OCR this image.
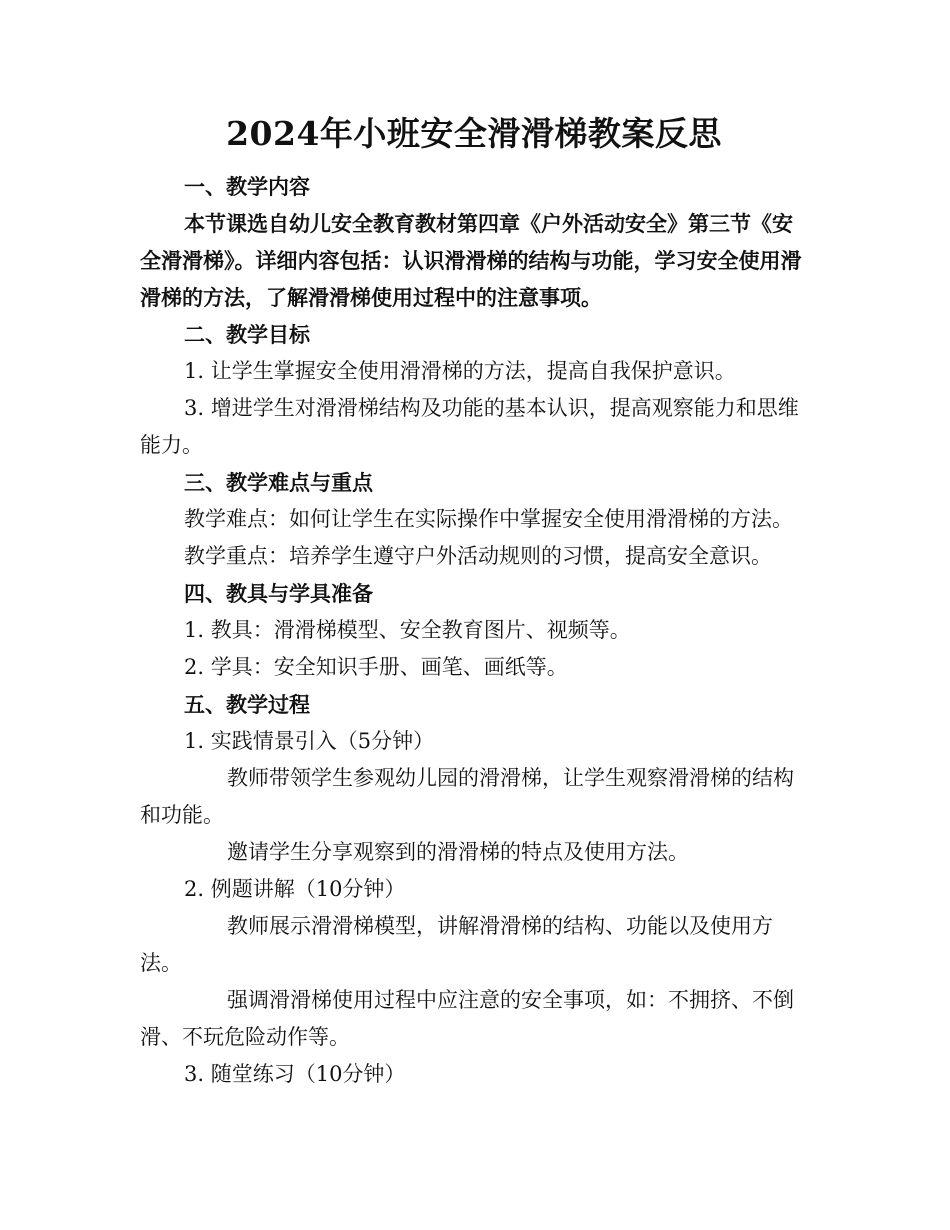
2024年小班安全滑滑梯教案反思

一、教学内容

本节课选自幼儿安全教育教材第四章《户外活动安全》第三节《安全滑滑梯》。详细内容包括：认识滑滑梯的结构与功能，学习安全使用滑滑梯的方法，了解滑滑梯使用过程中的注意事项。

二、教学目标

1. 让学生掌握安全使用滑滑梯的方法，提高自我保护意识。

3. 增进学生对滑滑梯结构及功能的基本认识，提高观察能力和思维能力。

三、教学难点与重点

教学难点：如何让学生在实际操作中掌握安全使用滑滑梯的方法。

教学重点：培养学生遵守户外活动规则的习惯，提高安全意识。

四、教具与学具准备

1. 教具：滑滑梯模型、安全教育图片、视频等。

2. 学具：安全知识手册、画笔、画纸等。

五、教学过程

1. 实践情景引入（5分钟）

教师带领学生参观幼儿园的滑滑梯，让学生观察滑滑梯的结构和功能。

邀请学生分享观察到的滑滑梯的特点及使用方法。

2. 例题讲解（10分钟）

教师展示滑滑梯模型，讲解滑滑梯的结构、功能以及使用方法。

强调滑滑梯使用过程中应注意的安全事项，如：不拥挤、不倒滑、不玩危险动作等。

3. 随堂练习（10分钟）
